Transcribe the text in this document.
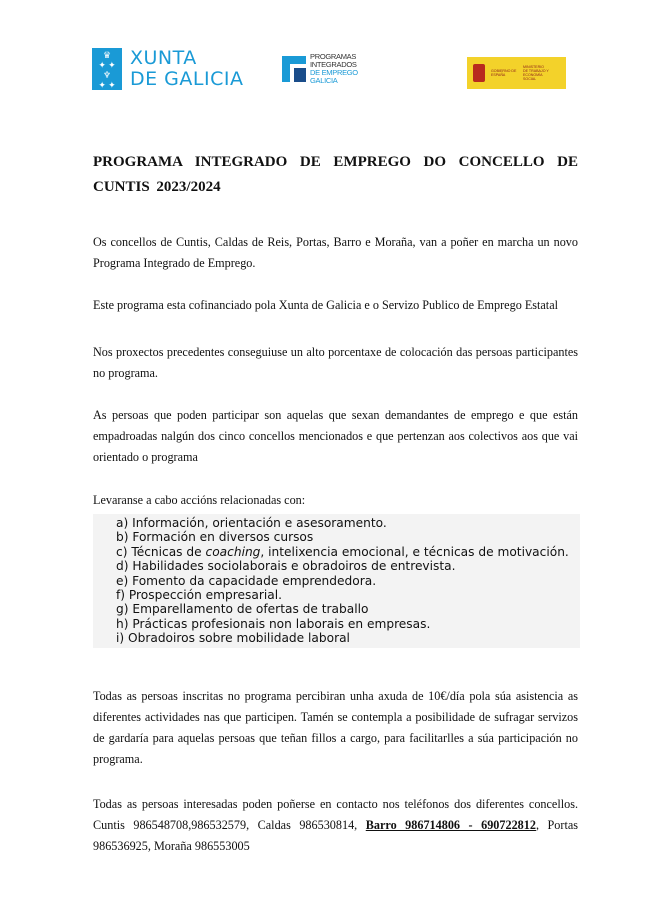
♛
✦ ✦
♆
✦ ✦
XUNTA
DE GALICIA
PROGRAMAS
INTEGRADOS
DE EMPREGO
GALICIA
GOBIERNO DE ESPAÑA
MINISTERIO DE TRABAJO Y ECONOMÍA SOCIAL
PROGRAMA INTEGRADO DE EMPREGO DO CONCELLO DE CUNTIS 2023/2024

Os concellos de Cuntis, Caldas de Reis, Portas, Barro e Moraña, van a poñer en marcha un novo Programa Integrado de Emprego.

Este programa esta cofinanciado pola Xunta de Galicia e o Servizo Publico de Emprego Estatal

Nos proxectos precedentes conseguiuse un alto porcentaxe de colocación das persoas participantes no programa.

As persoas que poden participar son aquelas que sexan demandantes de emprego e que están empadroadas nalgún dos cinco concellos mencionados e que pertenzan aos colectivos aos que vai orientado o programa

Levaranse a cabo accións relacionadas con:

a) Información, orientación e asesoramento.
b) Formación en diversos cursos
c) Técnicas de coaching, intelixencia emocional, e técnicas de motivación.
d) Habilidades sociolaborais e obradoiros de entrevista.
e) Fomento da capacidade emprendedora.
f) Prospección empresarial.
g) Emparellamento de ofertas de traballo
h) Prácticas profesionais non laborais en empresas.
i) Obradoiros sobre mobilidade laboral

Todas as persoas inscritas no programa percibiran unha axuda de 10€/día pola súa asistencia as diferentes actividades nas que participen. Tamén se contempla a posibilidade de sufragar servizos de gardaría para aquelas persoas que teñan fillos a cargo, para facilitarlles a súa participación no programa.

Todas as persoas interesadas poden poñerse en contacto nos teléfonos dos diferentes concellos. Cuntis 986548708,986532579, Caldas 986530814, Barro 986714806 - 690722812, Portas 986536925, Moraña 986553005
